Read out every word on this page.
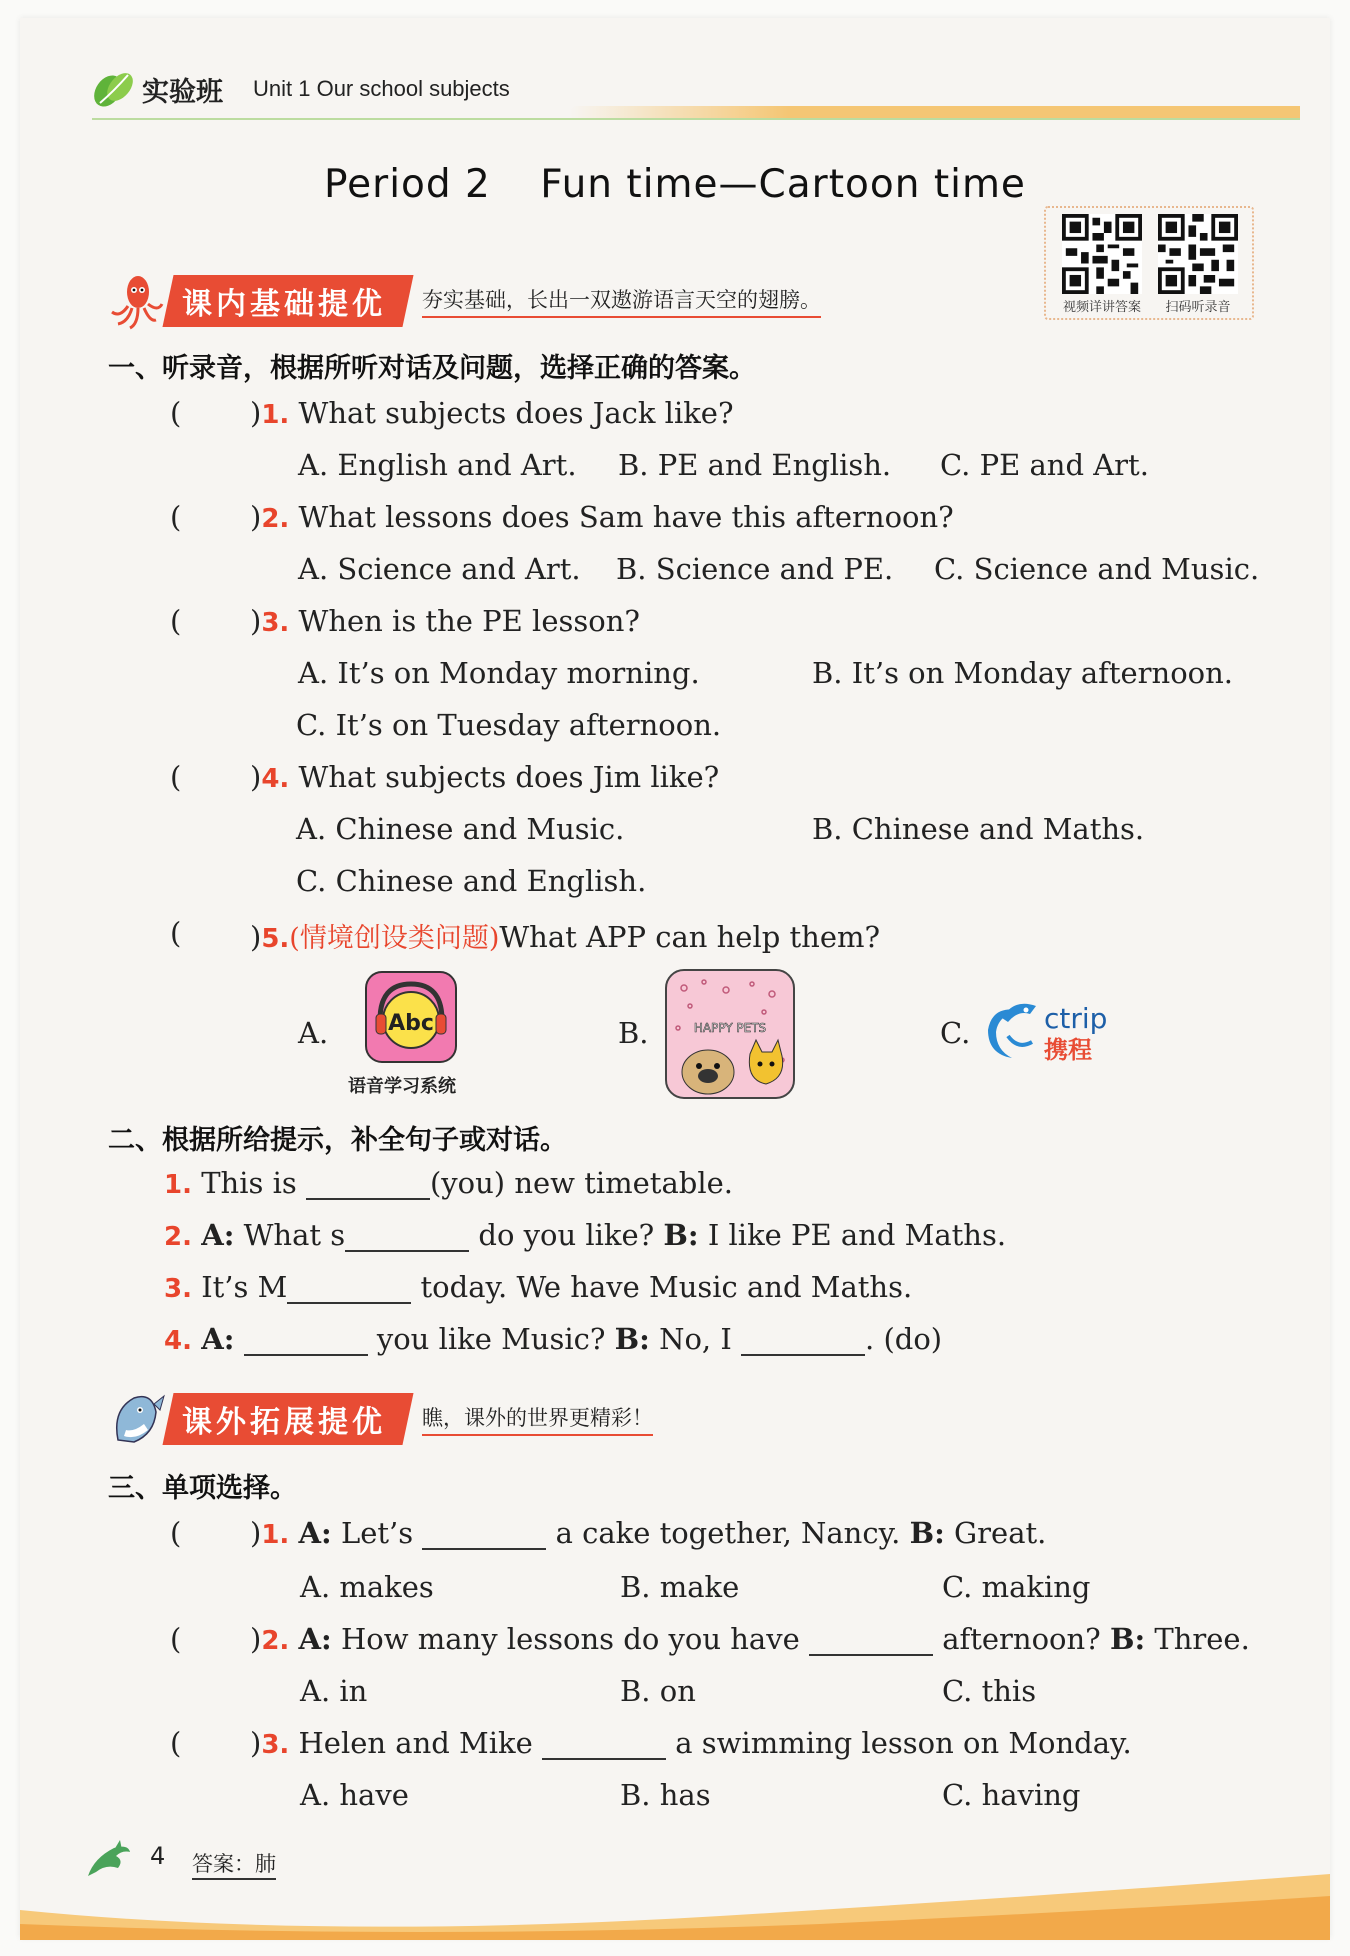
实验班 Unit 1 Our school subjects
Period 2 Fun time—Cartoon time
视频详讲答案	扫码听录音
课内基础提优	夯实基础，长出一双遨游语言天空的翅膀。
一、听录音，根据所听对话及问题，选择正确的答案。
( )1. What subjects does Jack like?
A. English and Art. B. PE and English. C. PE and Art.
( )2. What lessons does Sam have this afternoon?
A. Science and Art. B. Science and PE. C. Science and Music.
( )3. When is the PE lesson?
A. It’s on Monday morning.	B. It’s on Monday afternoon.
C. It’s on Tuesday afternoon.
( )4. What subjects does Jim like?
A. Chinese and Music.	B. Chinese and Maths.
C. Chinese and English.
( )5.(情境创设类问题)What APP can help them?
A.	Abc
语音学习系统
B.	HAPPY PETS	C.	ctrip
携程
二、根据所给提示，补全句子或对话。
1. This is	(you) new timetable.
2. A: What s	do you like? B: I like PE and Maths.
3. It’s M	today. We have Music and Maths.
4. A:	you like Music? B: No, I	. (do)
课外拓展提优	瞧，课外的世界更精彩！
三、单项选择。
( )1. A: Let’s	a cake together, Nancy. B: Great.
A. makes	B. make	C. making
( )2. A: How many lessons do you have	afternoon? B: Three.
A. in	B. on	C. this
( )3. Helen and Mike	a swimming lesson on Monday.
A. have	B. has	C. having
4 答案：肺
